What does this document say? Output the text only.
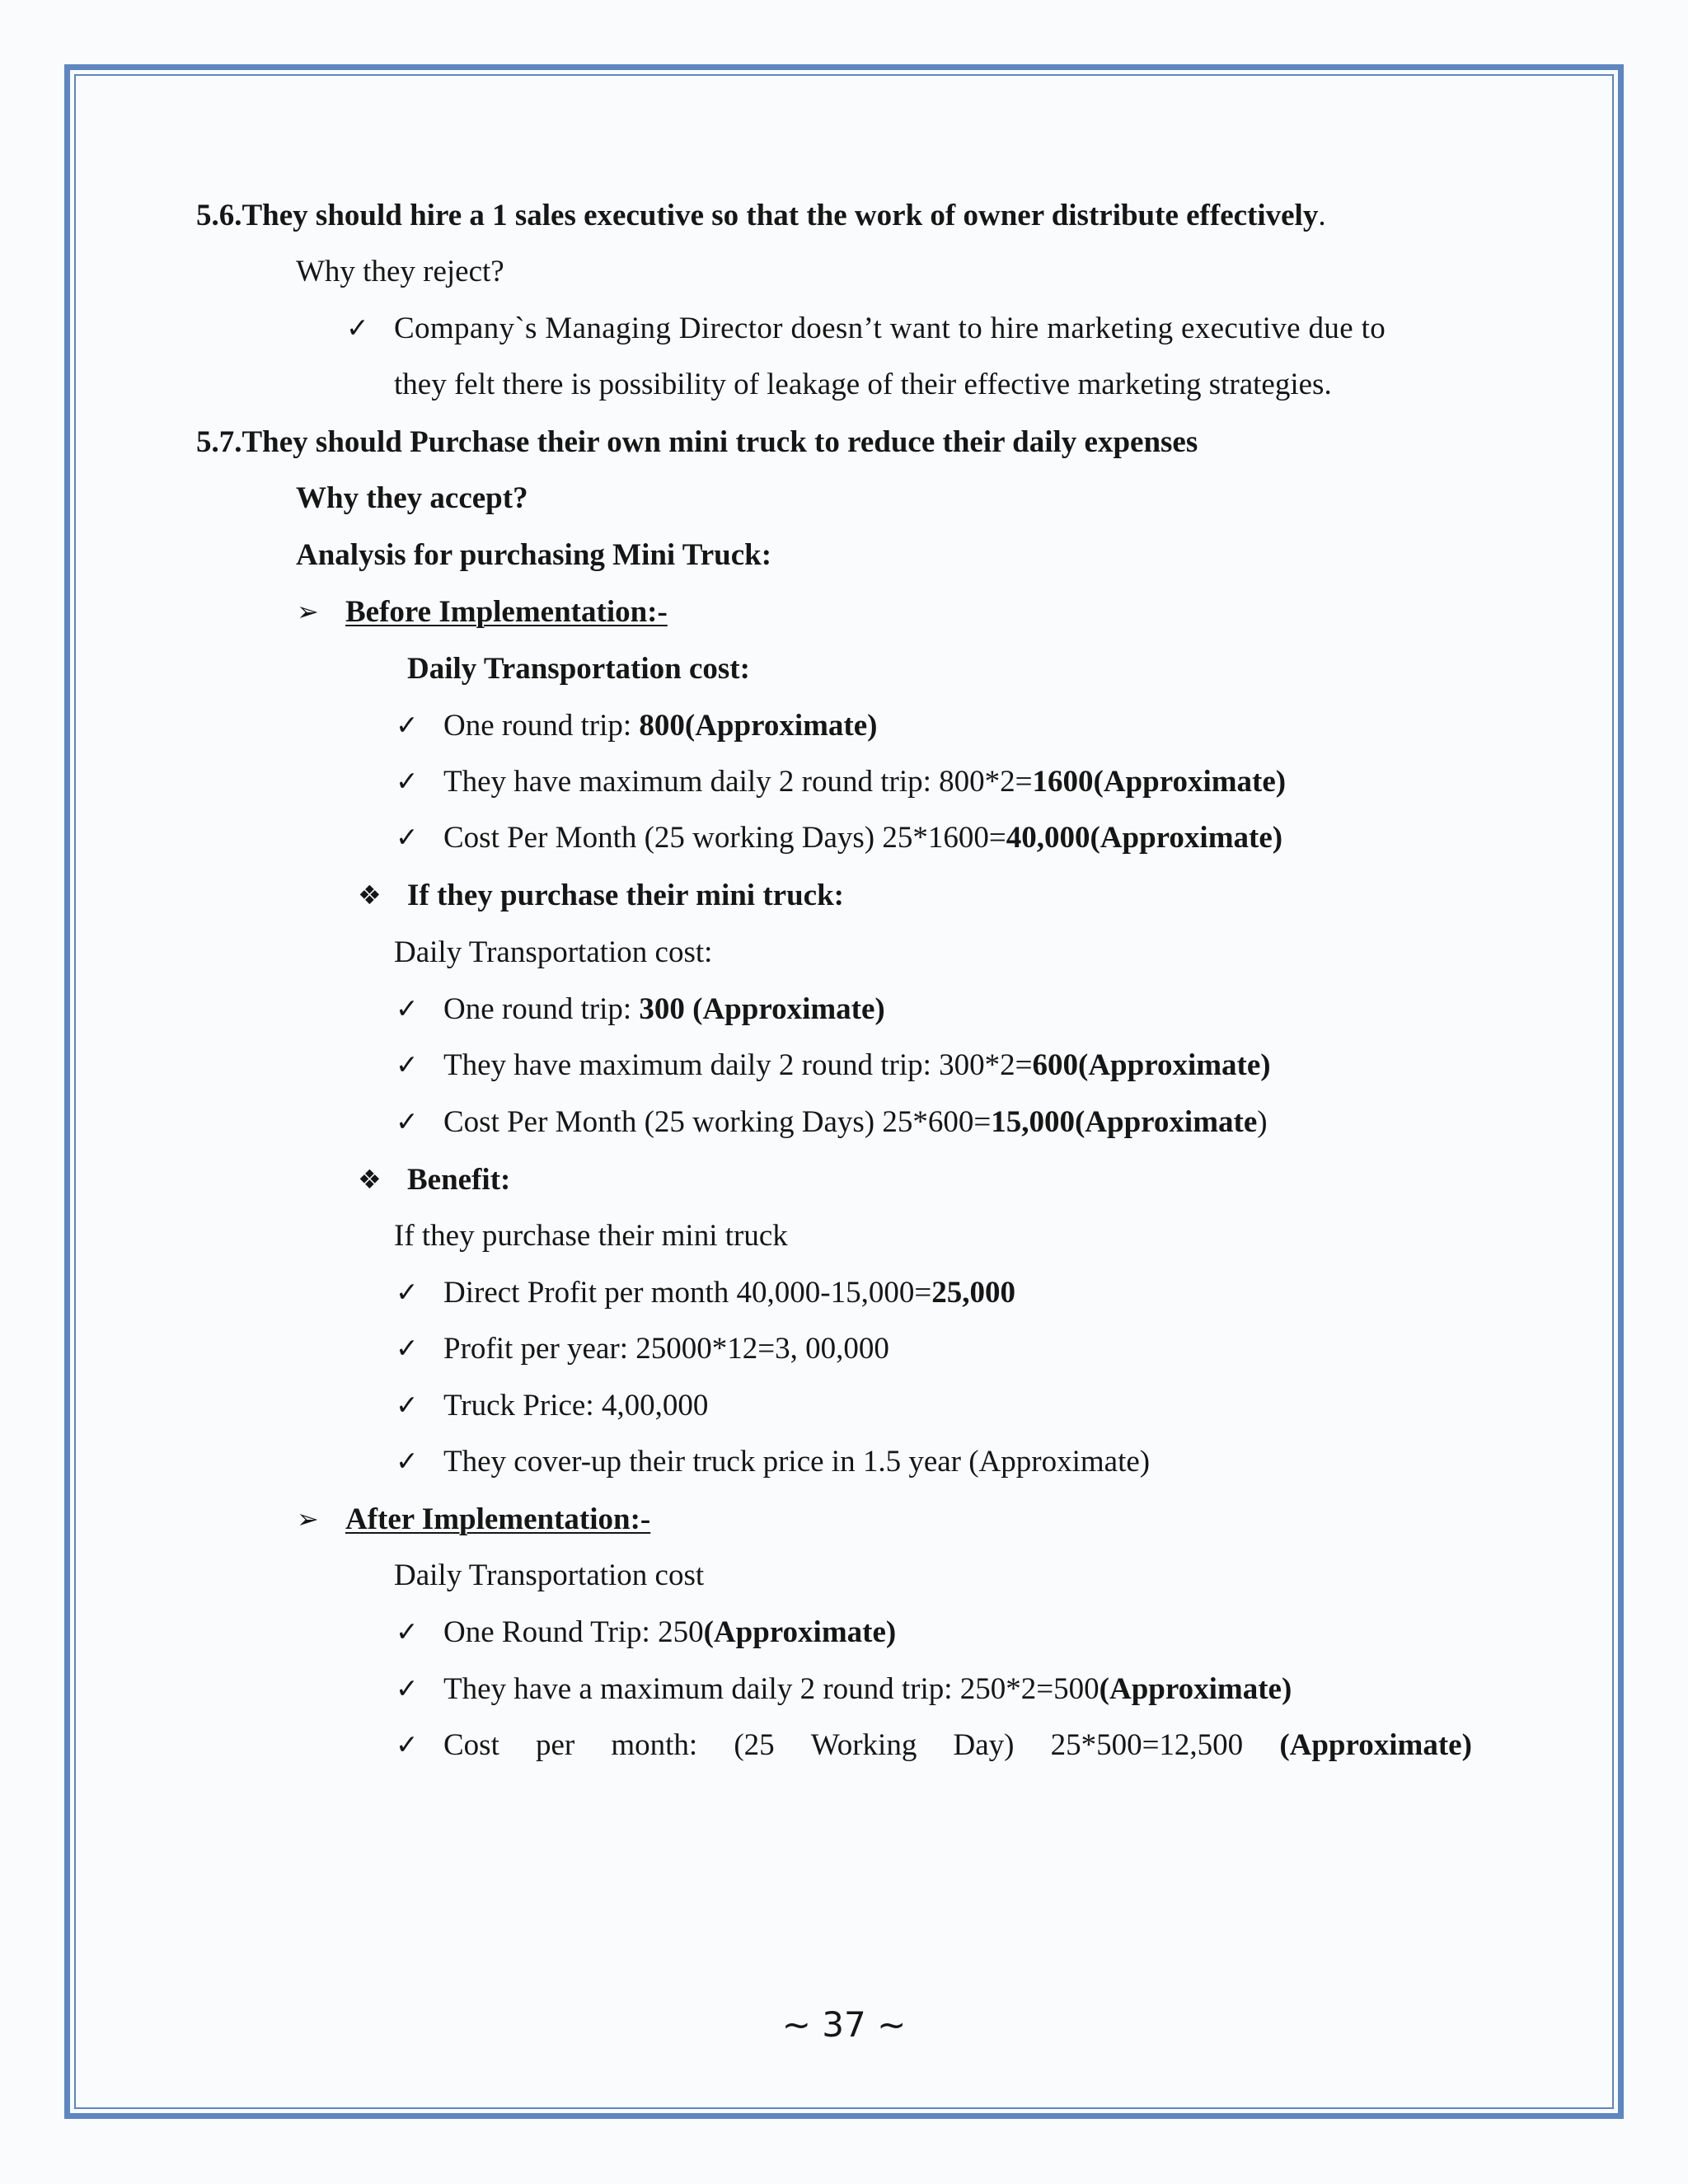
5.6.They should hire a 1 sales executive so that the work of owner distribute effectively.
Why they reject?
✓ Company`s Managing Director doesn’t want to hire marketing executive due to
they felt there is possibility of leakage of their effective marketing strategies.
5.7.They should Purchase their own mini truck to reduce their daily expenses
Why they accept?
Analysis for purchasing Mini Truck:
➢ Before Implementation:-
Daily Transportation cost:
✓ One round trip: 800(Approximate)
✓ They have maximum daily 2 round trip: 800*2=1600(Approximate)
✓ Cost Per Month (25 working Days) 25*1600=40,000(Approximate)
❖ If they purchase their mini truck:
Daily Transportation cost:
✓ One round trip: 300 (Approximate)
✓ They have maximum daily 2 round trip: 300*2=600(Approximate)
✓ Cost Per Month (25 working Days) 25*600=15,000(Approximate)
❖ Benefit:
If they purchase their mini truck
✓ Direct Profit per month 40,000-15,000=25,000
✓ Profit per year: 25000*12=3, 00,000
✓ Truck Price: 4,00,000
✓ They cover-up their truck price in 1.5 year (Approximate)
➢ After Implementation:-
Daily Transportation cost
✓ One Round Trip: 250(Approximate)
✓ They have a maximum daily 2 round trip: 250*2=500(Approximate)
✓ Cost per month: (25 Working Day) 25*500=12,500 (Approximate)
~ 37 ~
